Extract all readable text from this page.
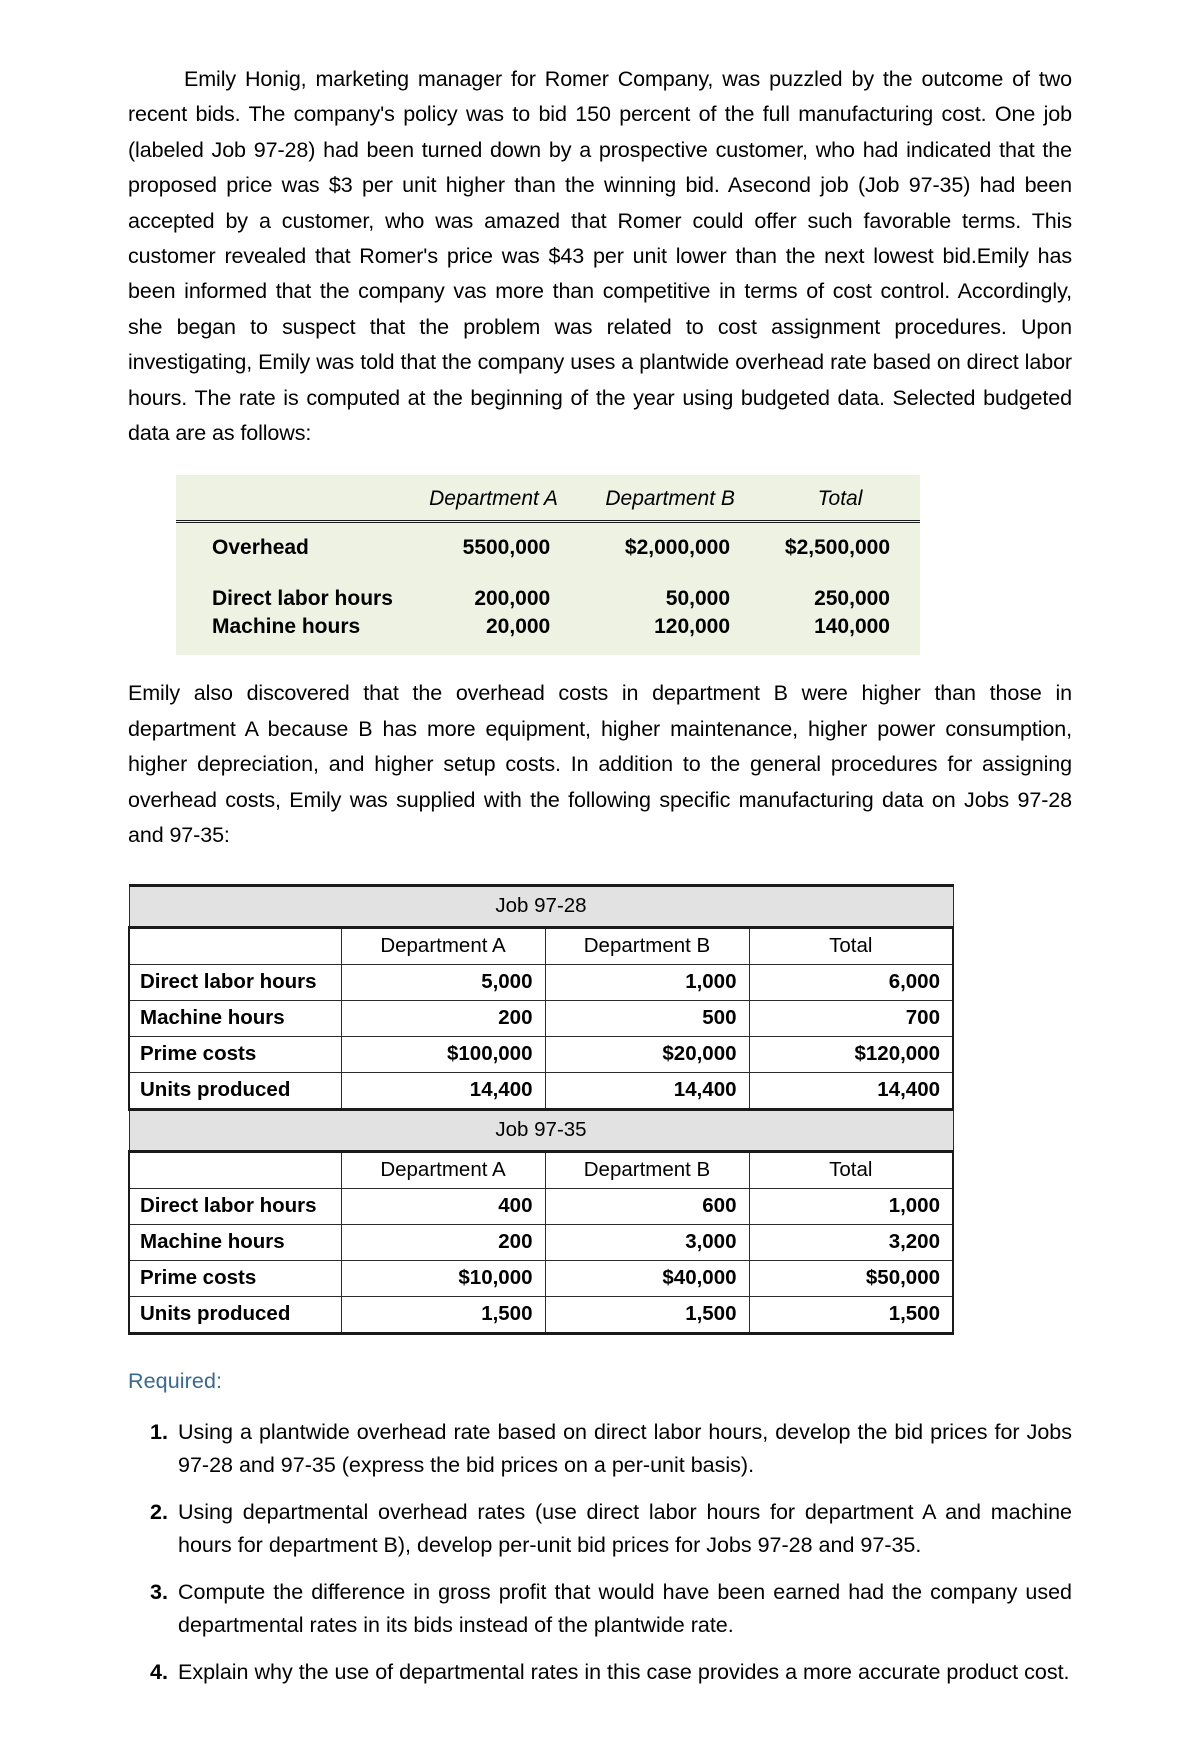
Emily Honig, marketing manager for Romer Company, was puzzled by the outcome of two recent bids. The company's policy was to bid 150 percent of the full manufacturing cost. One job (labeled Job 97-28) had been turned down by a prospective customer, who had indicated that the proposed price was $3 per unit higher than the winning bid. Asecond job (Job 97-35) had been accepted by a customer, who was amazed that Romer could offer such favorable terms. This customer revealed that Romer's price was $43 per unit lower than the next lowest bid.Emily has been informed that the company vas more than competitive in terms of cost control. Accordingly, she began to suspect that the problem was related to cost assignment procedures. Upon investigating, Emily was told that the company uses a plantwide overhead rate based on direct labor hours. The rate is computed at the beginning of the year using budgeted data. Selected budgeted data are as follows:

	Department A	Department B	Total
Overhead	5500,000	$2,000,000	$2,500,000
Direct labor hours	200,000	50,000	250,000
Machine hours	20,000	120,000	140,000

Emily also discovered that the overhead costs in department B were higher than those in department A because B has more equipment, higher maintenance, higher power consumption, higher depreciation, and higher setup costs. In addition to the general procedures for assigning overhead costs, Emily was supplied with the following specific manufacturing data on Jobs 97-28 and 97-35:

Job 97-28			
	Department A	Department B	Total
Direct labor hours	5,000	1,000	6,000
Machine hours	200	500	700
Prime costs	$100,000	$20,000	$120,000
Units produced	14,400	14,400	14,400
Job 97-35			
	Department A	Department B	Total
Direct labor hours	400	600	1,000
Machine hours	200	3,000	3,200
Prime costs	$10,000	$40,000	$50,000
Units produced	1,500	1,500	1,500
Required:
Using a plantwide overhead rate based on direct labor hours, develop the bid prices for Jobs 97-28 and 97-35 (express the bid prices on a per-unit basis).
Using departmental overhead rates (use direct labor hours for department A and machine hours for department B), develop per-unit bid prices for Jobs 97-28 and 97-35.
Compute the difference in gross profit that would have been earned had the company used departmental rates in its bids instead of the plantwide rate.
Explain why the use of departmental rates in this case provides a more accurate product cost.
